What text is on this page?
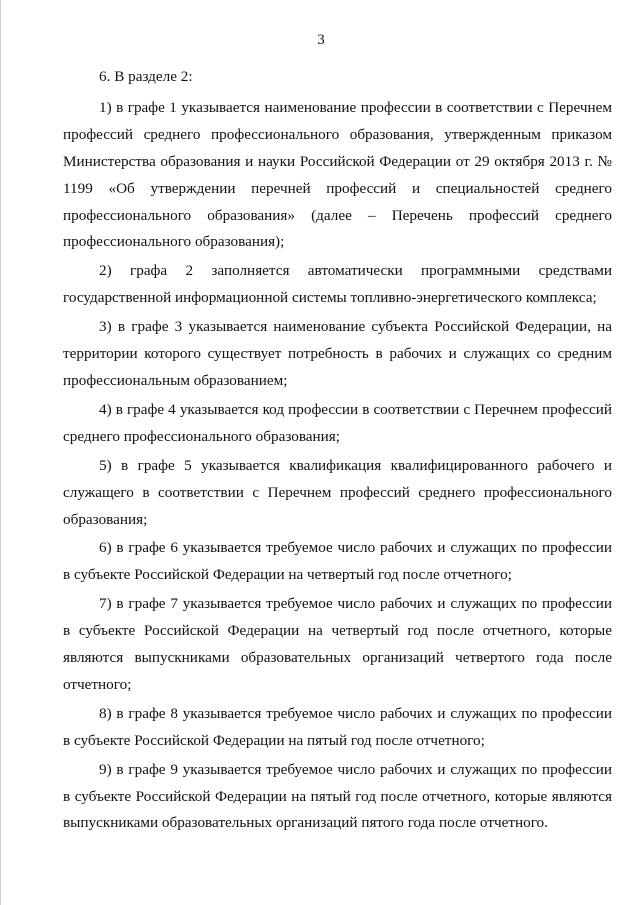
3

6. В разделе 2:

1) в графе 1 указывается наименование профессии в соответствии с Перечнем профессий среднего профессионального образования, утвержденным приказом Министерства образования и науки Российской Федерации от 29 октября 2013 г. № 1199 «Об утверждении перечней профессий и специальностей среднего профессионального образования» (далее – Перечень профессий среднего профессионального образования);

2) графа 2 заполняется автоматически программными средствами государственной информационной системы топливно-энергетического комплекса;

3) в графе 3 указывается наименование субъекта Российской Федерации, на территории которого существует потребность в рабочих и служащих со средним профессиональным образованием;

4) в графе 4 указывается код профессии в соответствии с Перечнем профессий среднего профессионального образования;

5) в графе 5 указывается квалификация квалифицированного рабочего и служащего в соответствии с Перечнем профессий среднего профессионального образования;

6) в графе 6 указывается требуемое число рабочих и служащих по профессии в субъекте Российской Федерации на четвертый год после отчетного;

7) в графе 7 указывается требуемое число рабочих и служащих по профессии в субъекте Российской Федерации на четвертый год после отчетного, которые являются выпускниками образовательных организаций четвертого года после отчетного;

8) в графе 8 указывается требуемое число рабочих и служащих по профессии в субъекте Российской Федерации на пятый год после отчетного;

9) в графе 9 указывается требуемое число рабочих и служащих по профессии в субъекте Российской Федерации на пятый год после отчетного, которые являются выпускниками образовательных организаций пятого года после отчетного.
